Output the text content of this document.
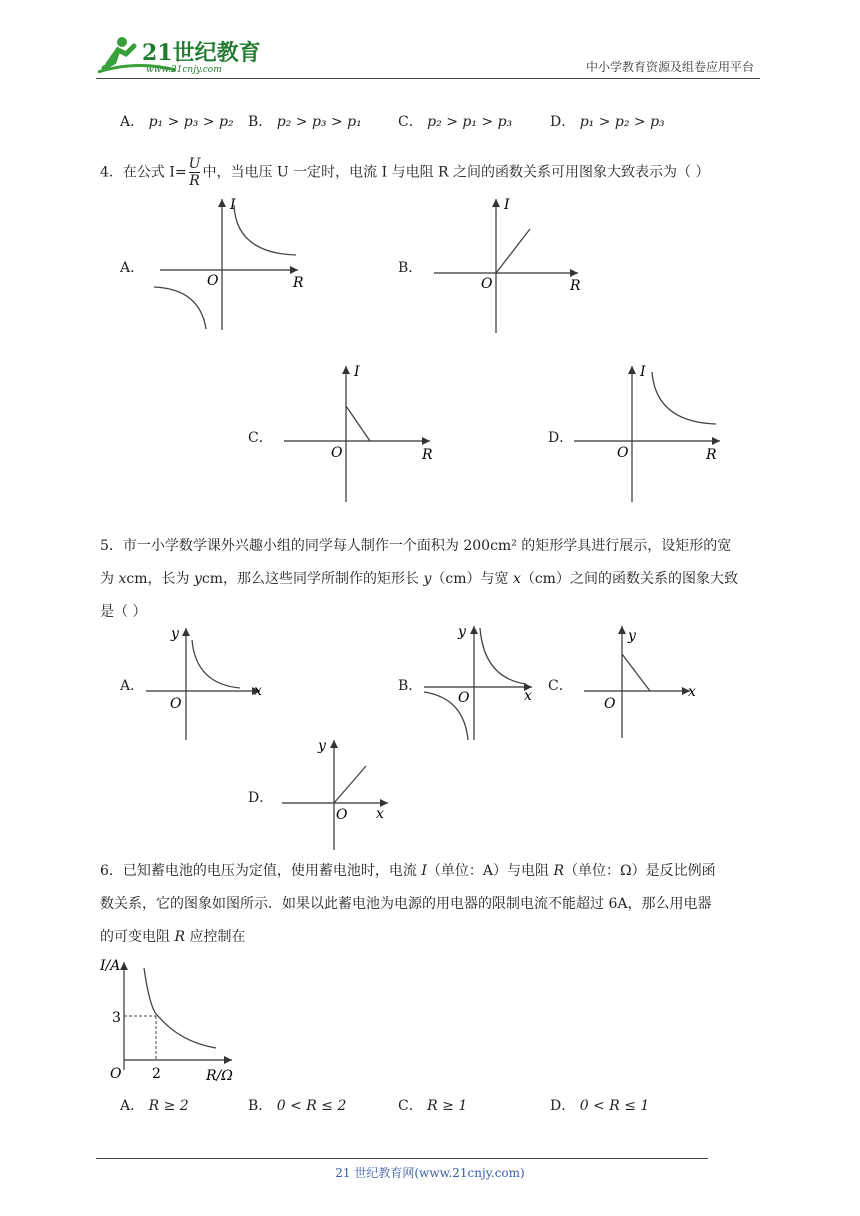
21世纪教育
www.21cnjy.com	中小学教育资源及组卷应用平台
A． p₁ > p₃ > p₂ B． p₂ > p₃ > p₁	C． p₂ > p₁ > p₃	D． p₁ > p₂ > p₃
4．在公式 $I= \frac{U}{R}$ 中，当电压 U 一定时，电流 I 与电阻 R 之间的函数关系可用图象大致表示为（ ）
A．	B．
C．	D．
I
R
O
I
R
O
I
R
O
I
R
O
5．市一小学数学课外兴趣小组的同学每人制作一个面积为 200cm² 的矩形学具进行展示，设矩形的宽
为 xcm，长为 ycm，那么这些同学所制作的矩形长 y（cm）与宽 x（cm）之间的函数关系的图象大致
是（ ）
A．	B．	C．
D．
y
x
O
y
x
O
y
x
O
y
x
O
6．已知蓄电池的电压为定值，使用蓄电池时，电流 I（单位：A）与电阻 R（单位：Ω）是反比例函
数关系，它的图象如图所示．如果以此蓄电池为电源的用电器的限制电流不能超过 6A，那么用电器
的可变电阻 R 应控制在
I/A
R/Ω
O
3
2
A． R ≥ 2	B． 0 < R ≤ 2	C． R ≥ 1	D． 0 < R ≤ 1
21 世纪教育网(www.21cnjy.com)
